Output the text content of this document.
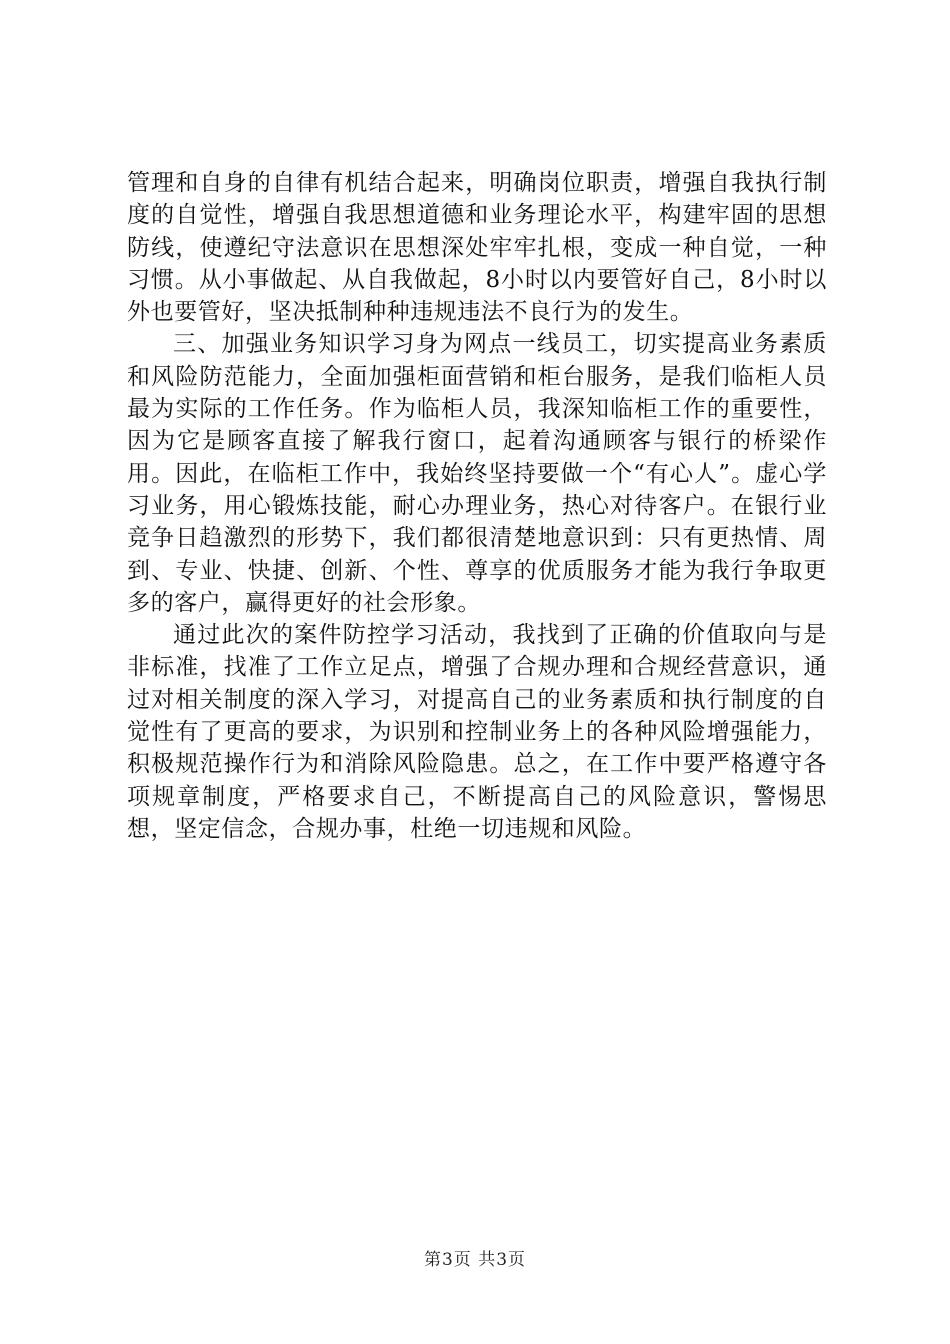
管理和自身的自律有机结合起来，明确岗位职责，增强自我执行制度的自觉性，增强自我思想道德和业务理论水平，构建牢固的思想防线，使遵纪守法意识在思想深处牢牢扎根，变成一种自觉，一种习惯。从小事做起、从自我做起，8小时以内要管好自己，8小时以外也要管好，坚决抵制种种违规违法不良行为的发生。

三、加强业务知识学习身为网点一线员工，切实提高业务素质和风险防范能力，全面加强柜面营销和柜台服务，是我们临柜人员最为实际的工作任务。作为临柜人员，我深知临柜工作的重要性，因为它是顾客直接了解我行窗口，起着沟通顾客与银行的桥梁作用。因此，在临柜工作中，我始终坚持要做一个“有心人”。虚心学习业务，用心锻炼技能，耐心办理业务，热心对待客户。在银行业竞争日趋激烈的形势下，我们都很清楚地意识到：只有更热情、周到、专业、快捷、创新、个性、尊享的优质服务才能为我行争取更多的客户，赢得更好的社会形象。

通过此次的案件防控学习活动，我找到了正确的价值取向与是非标准，找准了工作立足点，增强了合规办理和合规经营意识，通过对相关制度的深入学习，对提高自己的业务素质和执行制度的自觉性有了更高的要求，为识别和控制业务上的各种风险增强能力，积极规范操作行为和消除风险隐患。总之，在工作中要严格遵守各项规章制度，严格要求自己，不断提高自己的风险意识，警惕思想，坚定信念，合规办事，杜绝一切违规和风险。

第3页 共3页
